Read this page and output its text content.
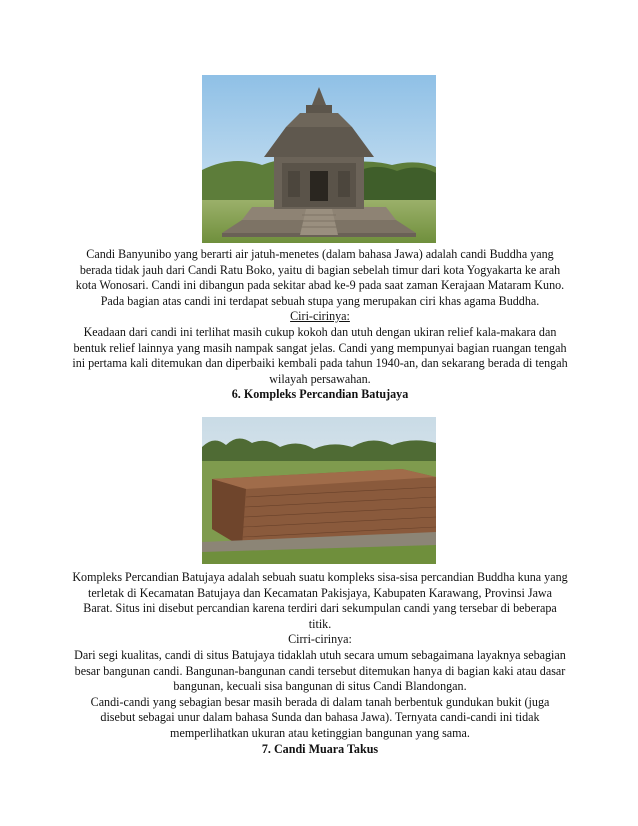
Candi Banyunibo yang berarti air jatuh-menetes (dalam bahasa Jawa) adalah candi Buddha yang berada tidak jauh dari Candi Ratu Boko, yaitu di bagian sebelah timur dari kota Yogyakarta ke arah kota Wonosari. Candi ini dibangun pada sekitar abad ke-9 pada saat zaman Kerajaan Mataram Kuno. Pada bagian atas candi ini terdapat sebuah stupa yang merupakan ciri khas agama Buddha.

Ciri-cirinya:

Keadaan dari candi ini terlihat masih cukup kokoh dan utuh dengan ukiran relief kala-makara dan bentuk relief lainnya yang masih nampak sangat jelas. Candi yang mempunyai bagian ruangan tengah ini pertama kali ditemukan dan diperbaiki kembali pada tahun 1940-an, dan sekarang berada di tengah wilayah persawahan.

6. Kompleks Percandian Batujaya

Kompleks Percandian Batujaya adalah sebuah suatu kompleks sisa-sisa percandian Buddha kuna yang terletak di Kecamatan Batujaya dan Kecamatan Pakisjaya, Kabupaten Karawang, Provinsi Jawa Barat. Situs ini disebut percandian karena terdiri dari sekumpulan candi yang tersebar di beberapa titik.

Cirri-cirinya:

Dari segi kualitas, candi di situs Batujaya tidaklah utuh secara umum sebagaimana layaknya sebagian besar bangunan candi. Bangunan-bangunan candi tersebut ditemukan hanya di bagian kaki atau dasar bangunan, kecuali sisa bangunan di situs Candi Blandongan.

Candi-candi yang sebagian besar masih berada di dalam tanah berbentuk gundukan bukit (juga disebut sebagai unur dalam bahasa Sunda dan bahasa Jawa). Ternyata candi-candi ini tidak memperlihatkan ukuran atau ketinggian bangunan yang sama.

7. Candi Muara Takus
